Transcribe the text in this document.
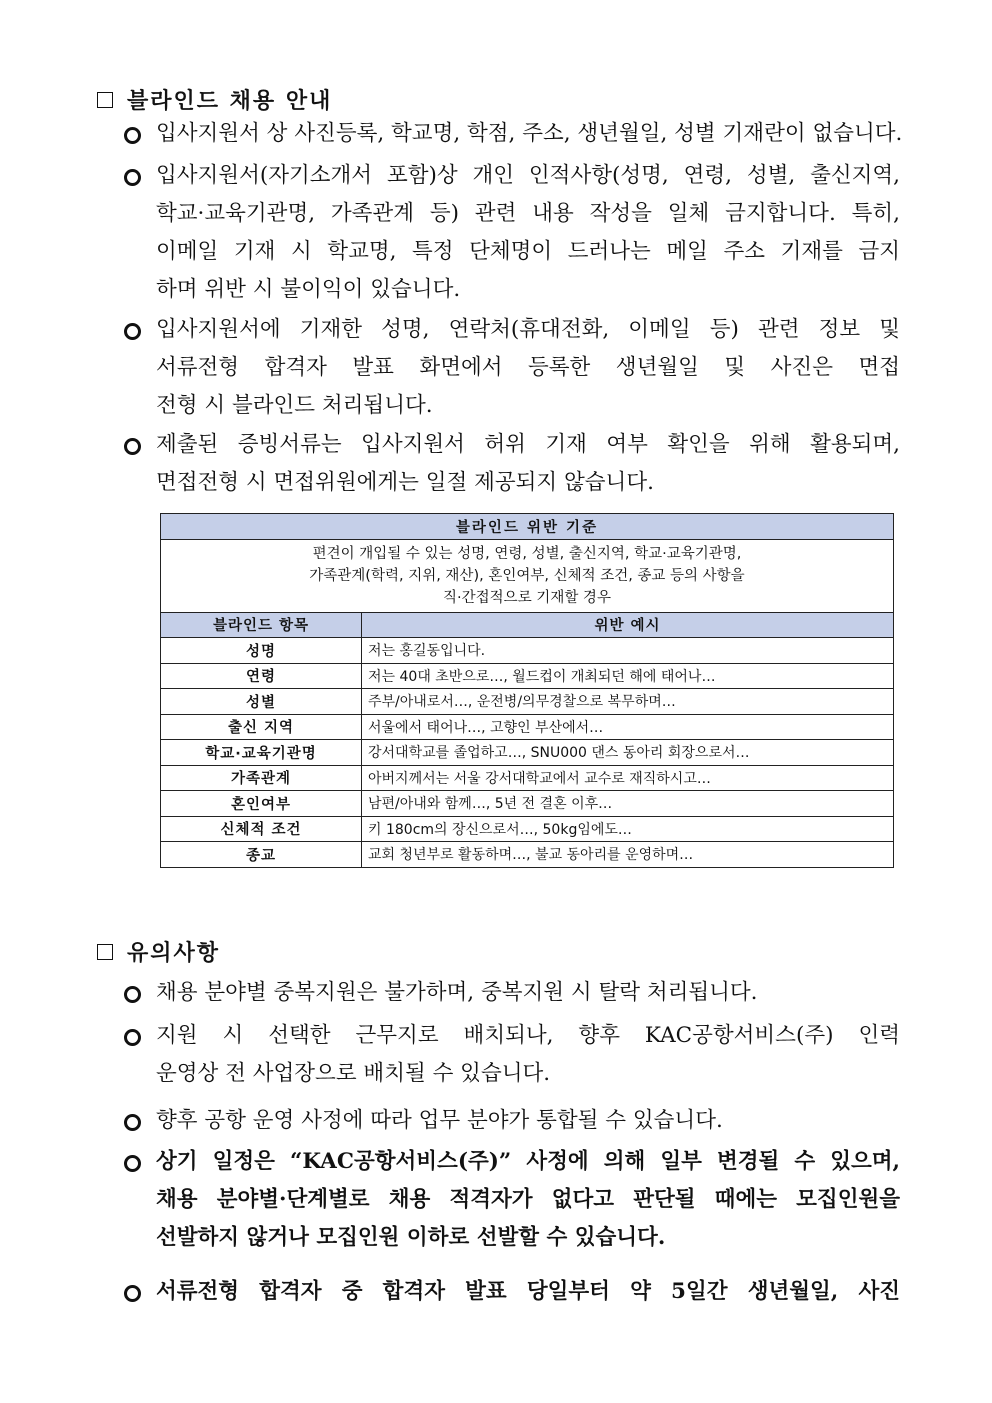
블라인드 채용 안내
입사지원서 상 사진등록, 학교명, 학점, 주소, 생년월일, 성별 기재란이 없습니다.
입사지원서(자기소개서 포함)상 개인 인적사항(성명, 연령, 성별, 출신지역,
학교·교육기관명, 가족관계 등) 관련 내용 작성을 일체 금지합니다. 특히,
이메일 기재 시 학교명, 특정 단체명이 드러나는 메일 주소 기재를 금지
하며 위반 시 불이익이 있습니다.
입사지원서에 기재한 성명, 연락처(휴대전화, 이메일 등) 관련 정보 및
서류전형 합격자 발표 화면에서 등록한 생년월일 및 사진은 면접
전형 시 블라인드 처리됩니다.
제출된 증빙서류는 입사지원서 허위 기재 여부 확인을 위해 활용되며,
면접전형 시 면접위원에게는 일절 제공되지 않습니다.
블라인드 위반 기준	

편견이 개입될 수 있는 성명, 연령, 성별, 출신지역, 학교·교육기관명,
가족관계(학력, 지위, 재산), 혼인여부, 신체적 조건, 종교 등의 사항을
직·간접적으로 기재할 경우	

블라인드 항목	위반 예시
성명	저는 홍길동입니다.
연령	저는 40대 초반으로…, 월드컵이 개최되던 해에 태어나…
성별	주부/아내로서…, 운전병/의무경찰으로 복무하며…
출신 지역	서울에서 태어나…, 고향인 부산에서…
학교·교육기관명	강서대학교를 졸업하고…, SNU000 댄스 동아리 회장으로서…
가족관계	아버지께서는 서울 강서대학교에서 교수로 재직하시고…
혼인여부	남편/아내와 함께…, 5년 전 결혼 이후…
신체적 조건	키 180cm의 장신으로서…, 50kg임에도…
종교	교회 청년부로 활동하며…, 불교 동아리를 운영하며…
유의사항
채용 분야별 중복지원은 불가하며, 중복지원 시 탈락 처리됩니다.
지원 시 선택한 근무지로 배치되나, 향후 KAC공항서비스(주) 인력
운영상 전 사업장으로 배치될 수 있습니다.
향후 공항 운영 사정에 따라 업무 분야가 통합될 수 있습니다.
상기 일정은 “KAC공항서비스(주)” 사정에 의해 일부 변경될 수 있으며,
채용 분야별·단계별로 채용 적격자가 없다고 판단될 때에는 모집인원을
선발하지 않거나 모집인원 이하로 선발할 수 있습니다.
서류전형 합격자 중 합격자 발표 당일부터 약 5일간 생년월일, 사진
